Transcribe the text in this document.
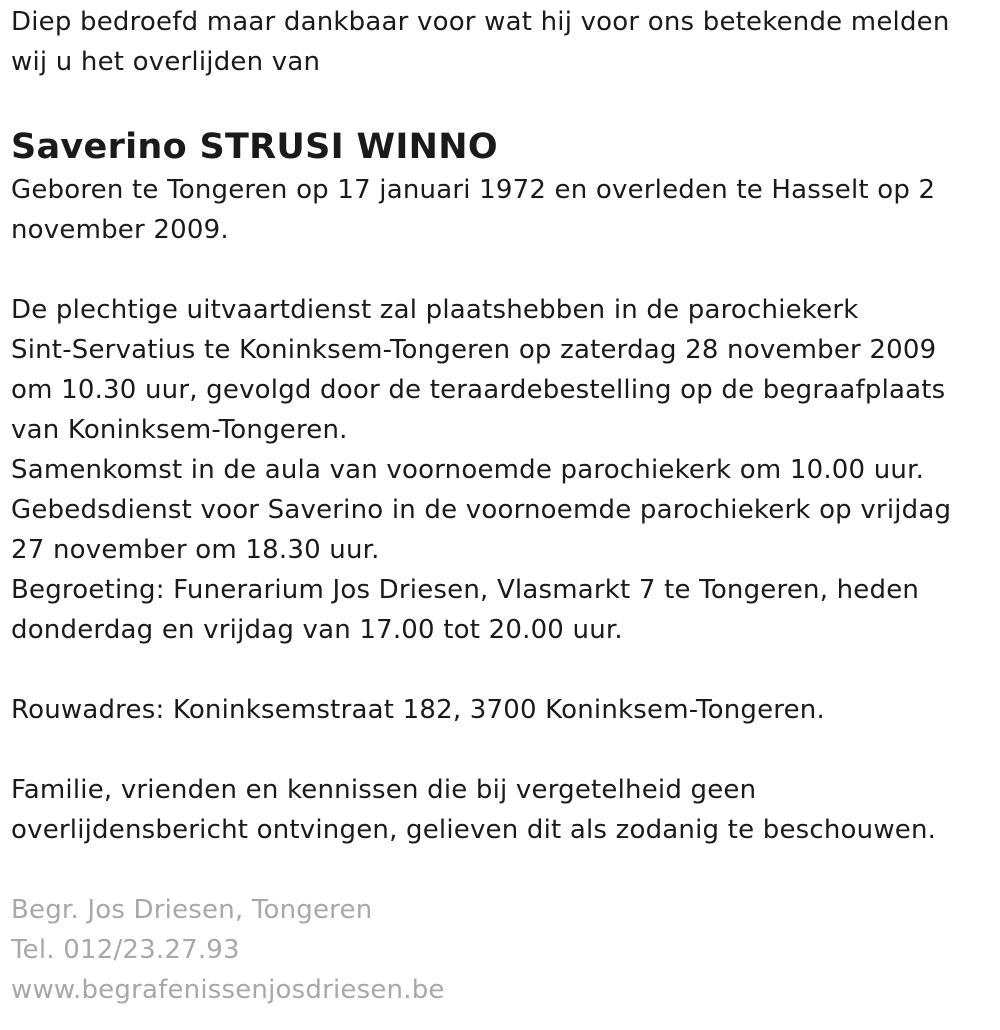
Diep bedroefd maar dankbaar voor wat hij voor ons betekende melden

wij u het overlijden van

Saverino STRUSI WINNO

Geboren te Tongeren op 17 januari 1972 en overleden te Hasselt op 2

november 2009.

De plechtige uitvaartdienst zal plaatshebben in de parochiekerk

Sint-Servatius te Koninksem-Tongeren op zaterdag 28 november 2009

om 10.30 uur, gevolgd door de teraardebestelling op de begraafplaats

van Koninksem-Tongeren.

Samenkomst in de aula van voornoemde parochiekerk om 10.00 uur.

Gebedsdienst voor Saverino in de voornoemde parochiekerk op vrijdag

27 november om 18.30 uur.

Begroeting: Funerarium Jos Driesen, Vlasmarkt 7 te Tongeren, heden

donderdag en vrijdag van 17.00 tot 20.00 uur.

Rouwadres: Koninksemstraat 182, 3700 Koninksem-Tongeren.

Familie, vrienden en kennissen die bij vergetelheid geen

overlijdensbericht ontvingen, gelieven dit als zodanig te beschouwen.

Begr. Jos Driesen, Tongeren

Tel. 012/23.27.93

www.begrafenissenjosdriesen.be
